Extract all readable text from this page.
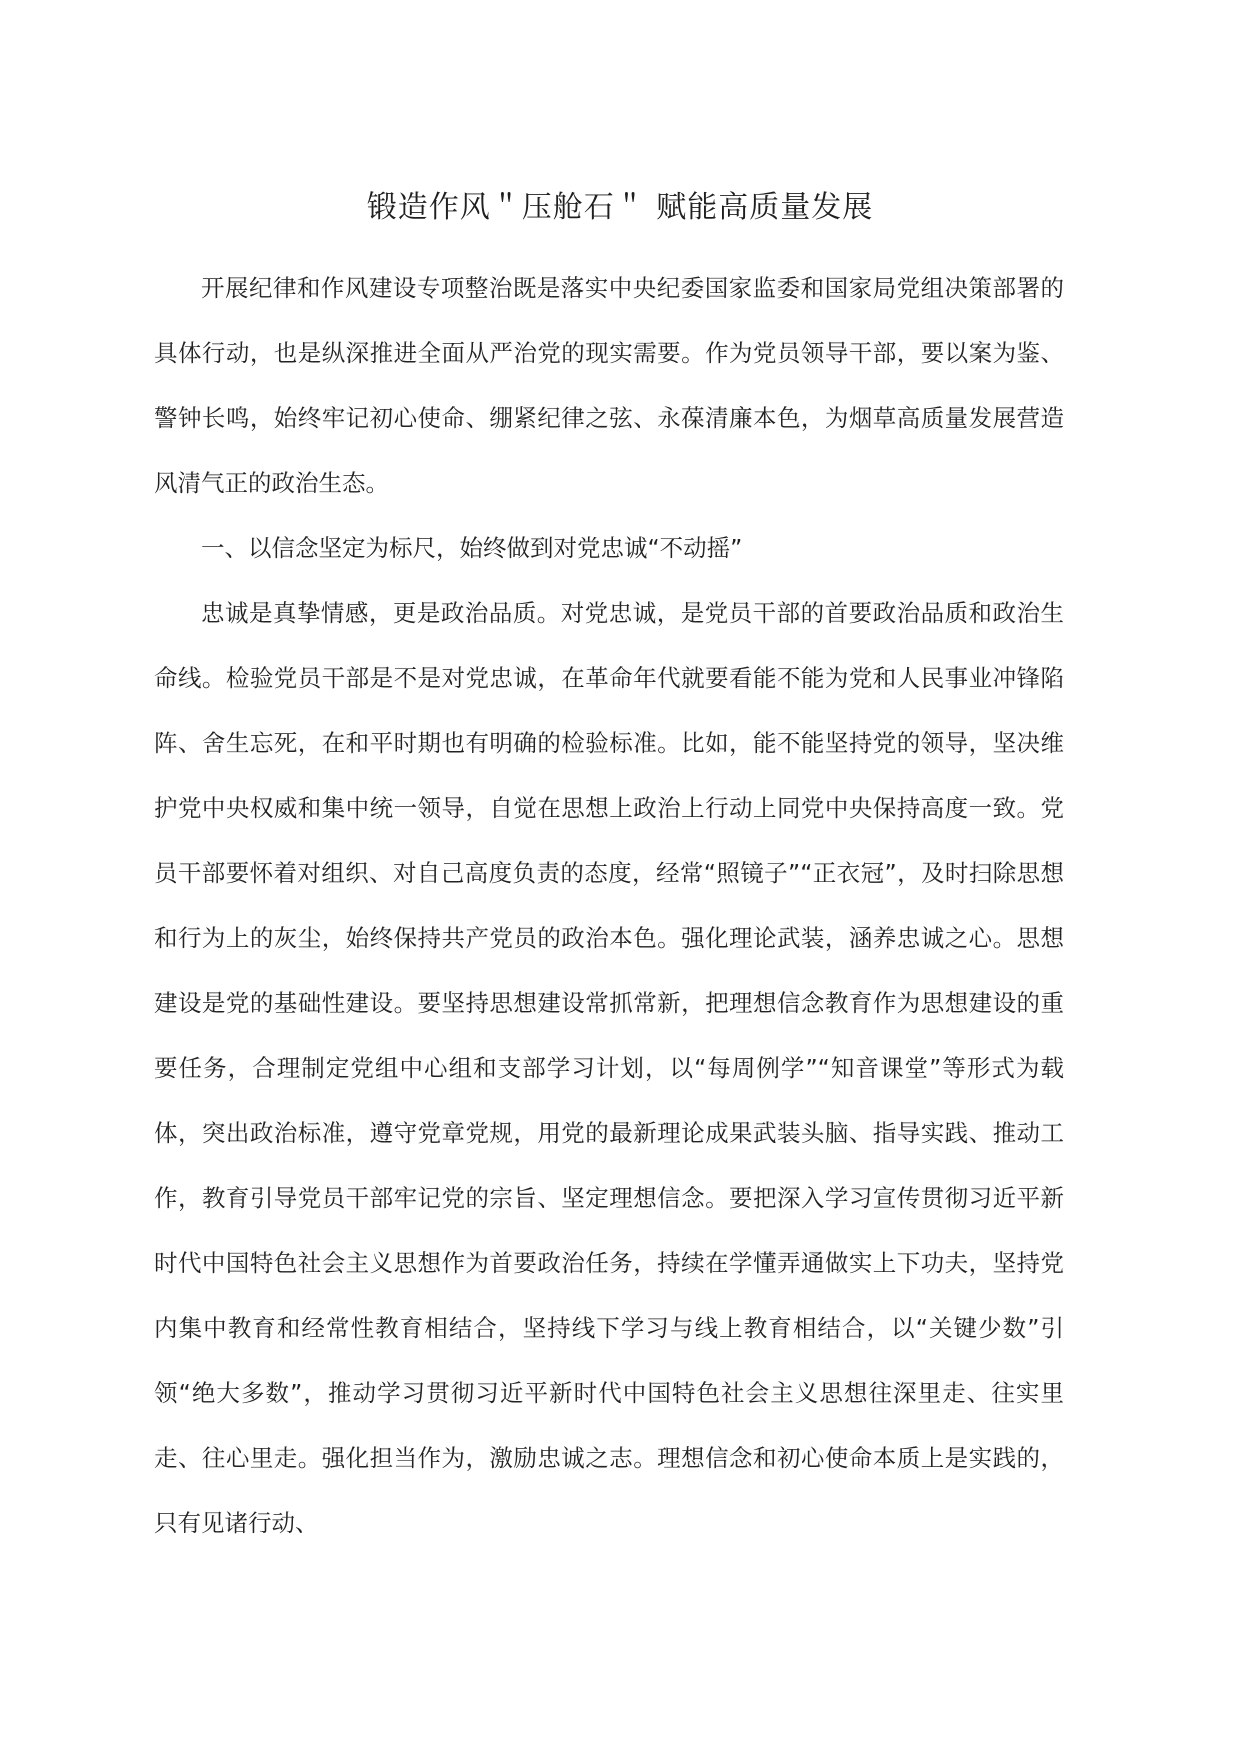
锻造作风＂压舱石＂ 赋能高质量发展

开展纪律和作风建设专项整治既是落实中央纪委国家监委和国家局党组决策部署的具体行动，也是纵深推进全面从严治党的现实需要。作为党员领导干部，要以案为鉴、警钟长鸣，始终牢记初心使命、绷紧纪律之弦、永葆清廉本色，为烟草高质量发展营造风清气正的政治生态。

一、以信念坚定为标尺，始终做到对党忠诚“不动摇”

忠诚是真挚情感，更是政治品质。对党忠诚，是党员干部的首要政治品质和政治生命线。检验党员干部是不是对党忠诚，在革命年代就要看能不能为党和人民事业冲锋陷阵、舍生忘死，在和平时期也有明确的检验标准。比如，能不能坚持党的领导，坚决维护党中央权威和集中统一领导，自觉在思想上政治上行动上同党中央保持高度一致。党员干部要怀着对组织、对自己高度负责的态度，经常“照镜子”“正衣冠”，及时扫除思想和行为上的灰尘，始终保持共产党员的政治本色。强化理论武装，涵养忠诚之心。思想建设是党的基础性建设。要坚持思想建设常抓常新，把理想信念教育作为思想建设的重要任务，合理制定党组中心组和支部学习计划，以“每周例学”“知音课堂”等形式为载体，突出政治标准，遵守党章党规，用党的最新理论成果武装头脑、指导实践、推动工作，教育引导党员干部牢记党的宗旨、坚定理想信念。要把深入学习宣传贯彻习近平新时代中国特色社会主义思想作为首要政治任务，持续在学懂弄通做实上下功夫，坚持党内集中教育和经常性教育相结合，坚持线下学习与线上教育相结合，以“关键少数”引领“绝大多数”，推动学习贯彻习近平新时代中国特色社会主义思想往深里走、往实里走、往心里走。强化担当作为，激励忠诚之志。理想信念和初心使命本质上是实践的，只有见诸行动、
